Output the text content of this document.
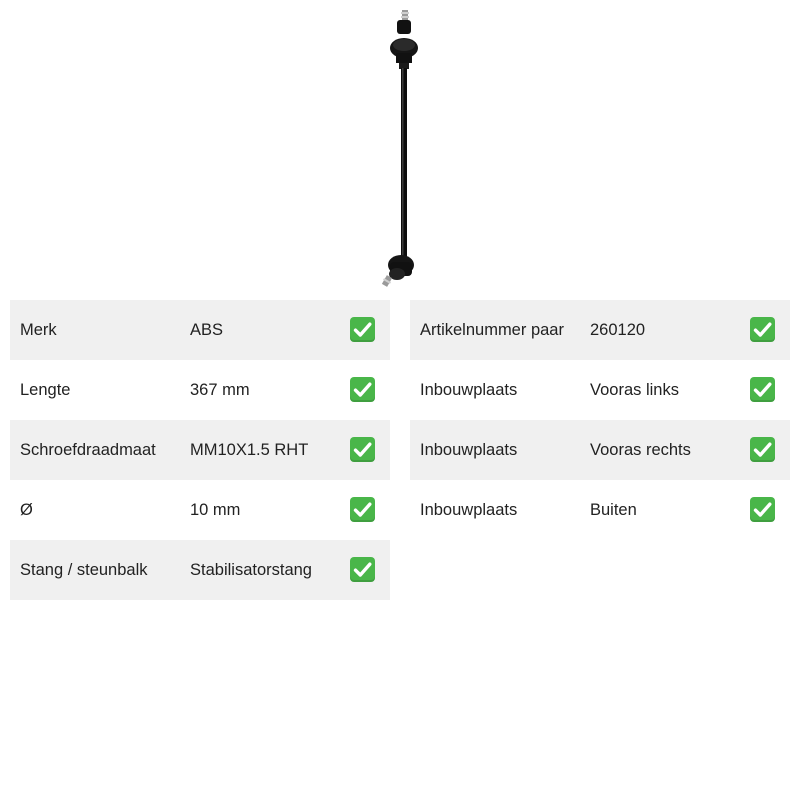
Merk	ABS
Lengte	367 mm
Schroefdraadmaat MM10X1.5 RHT
Ø	10 mm
Stang / steunbalk	Stabilisatorstang
Artikelnummer paar 260120
Inbouwplaats	Vooras links
Inbouwplaats	Vooras rechts
Inbouwplaats	Buiten
